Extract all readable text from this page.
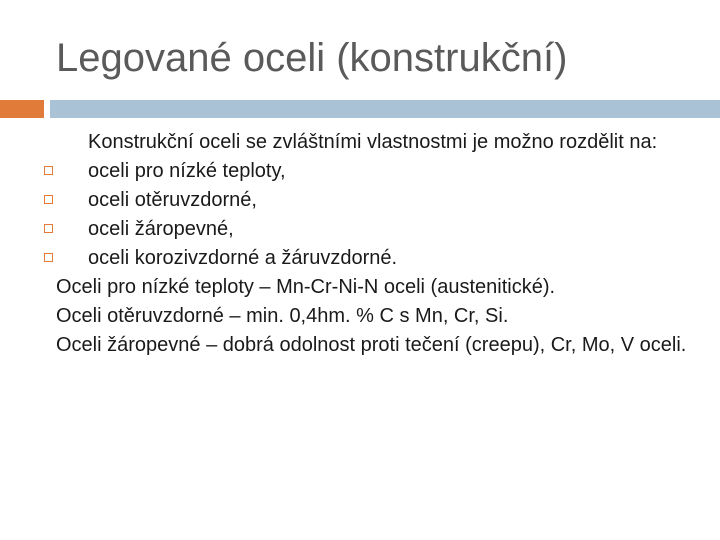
Legované oceli (konstrukční)

Konstrukční oceli se zvláštními vlastnostmi je možno rozdělit na:

oceli pro nízké teploty,

oceli otěruvzdorné,

oceli žáropevné,

oceli korozivzdorné a žáruvzdorné.

Oceli pro nízké teploty – Mn-Cr-Ni-N oceli (austenitické).

Oceli otěruvzdorné – min. 0,4hm. % C s Mn, Cr, Si.

Oceli žáropevné – dobrá odolnost proti tečení (creepu), Cr, Mo, V oceli.
